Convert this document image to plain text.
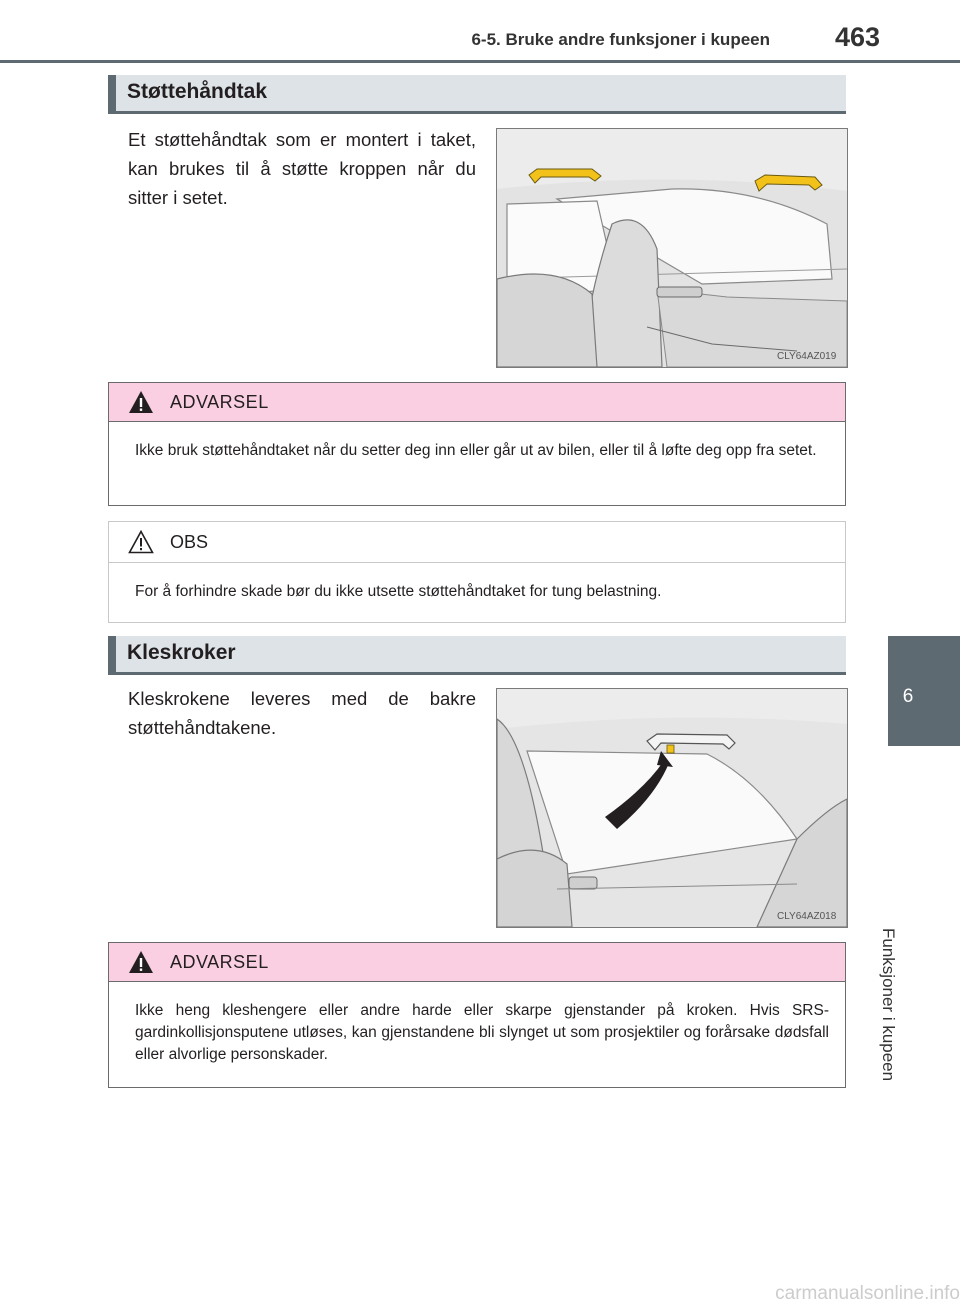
6-5. Bruke andre funksjoner i kupeen	463
6
Funksjoner i kupeen
Støttehåndtak
Et støttehåndtak som er montert i taket, kan brukes til å støtte kroppen når du sitter i setet.
CLY64AZ019
ADVARSEL
Ikke bruk støttehåndtaket når du setter deg inn eller går ut av bilen, eller til å løfte deg opp fra setet.
OBS
For å forhindre skade bør du ikke utsette støttehåndtaket for tung belastning.
Kleskroker
Kleskrokene leveres med de bakre støttehåndtakene.
CLY64AZ018
ADVARSEL
Ikke heng kleshengere eller andre harde eller skarpe gjenstander på kroken. Hvis SRS-gardinkollisjonsputene utløses, kan gjenstandene bli slynget ut som prosjektiler og forårsake dødsfall eller alvorlige personskader.
carmanualsonline.info
